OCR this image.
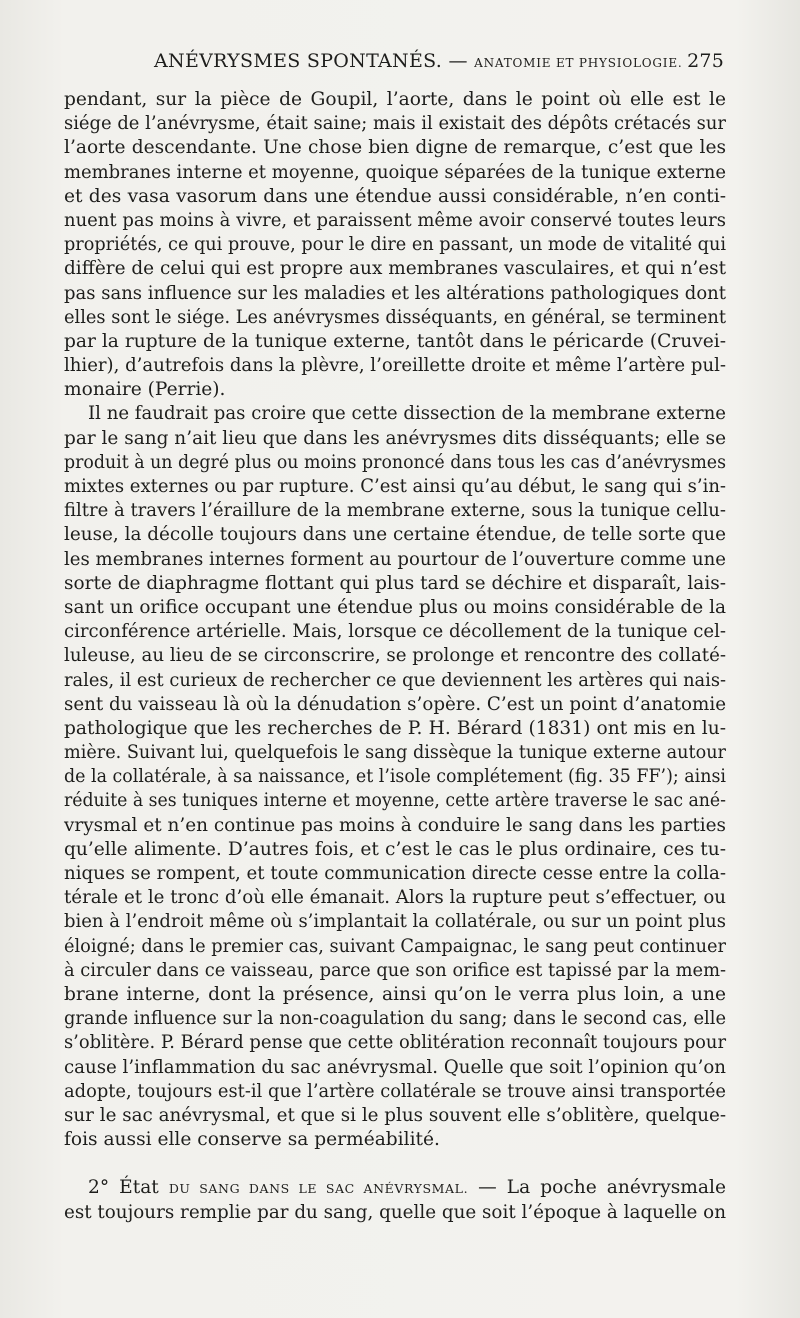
ANÉVRYSMES SPONTANÉS. — ANATOMIE ET PHYSIOLOGIE. 275
pendant, sur la pièce de Goupil, l’aorte, dans le point où elle est le
siége de l’anévrysme, était saine; mais il existait des dépôts crétacés sur
l’aorte descendante. Une chose bien digne de remarque, c’est que les
membranes interne et moyenne, quoique séparées de la tunique externe
et des vasa vasorum dans une étendue aussi considérable, n’en conti-
nuent pas moins à vivre, et paraissent même avoir conservé toutes leurs
propriétés, ce qui prouve, pour le dire en passant, un mode de vitalité qui
diffère de celui qui est propre aux membranes vasculaires, et qui n’est
pas sans influence sur les maladies et les altérations pathologiques dont
elles sont le siége. Les anévrysmes disséquants, en général, se terminent
par la rupture de la tunique externe, tantôt dans le péricarde (Cruvei-
lhier), d’autrefois dans la plèvre, l’oreillette droite et même l’artère pul-
monaire (Perrie).
Il ne faudrait pas croire que cette dissection de la membrane externe
par le sang n’ait lieu que dans les anévrysmes dits disséquants; elle se
produit à un degré plus ou moins prononcé dans tous les cas d’anévrysmes
mixtes externes ou par rupture. C’est ainsi qu’au début, le sang qui s’in-
filtre à travers l’éraillure de la membrane externe, sous la tunique cellu-
leuse, la décolle toujours dans une certaine étendue, de telle sorte que
les membranes internes forment au pourtour de l’ouverture comme une
sorte de diaphragme flottant qui plus tard se déchire et disparaît, lais-
sant un orifice occupant une étendue plus ou moins considérable de la
circonférence artérielle. Mais, lorsque ce décollement de la tunique cel-
luleuse, au lieu de se circonscrire, se prolonge et rencontre des collaté-
rales, il est curieux de rechercher ce que deviennent les artères qui nais-
sent du vaisseau là où la dénudation s’opère. C’est un point d’anatomie
pathologique que les recherches de P. H. Bérard (1831) ont mis en lu-
mière. Suivant lui, quelquefois le sang dissèque la tunique externe autour
de la collatérale, à sa naissance, et l’isole complétement (fig. 35 FF’); ainsi
réduite à ses tuniques interne et moyenne, cette artère traverse le sac ané-
vrysmal et n’en continue pas moins à conduire le sang dans les parties
qu’elle alimente. D’autres fois, et c’est le cas le plus ordinaire, ces tu-
niques se rompent, et toute communication directe cesse entre la colla-
térale et le tronc d’où elle émanait. Alors la rupture peut s’effectuer, ou
bien à l’endroit même où s’implantait la collatérale, ou sur un point plus
éloigné; dans le premier cas, suivant Campaignac, le sang peut continuer
à circuler dans ce vaisseau, parce que son orifice est tapissé par la mem-
brane interne, dont la présence, ainsi qu’on le verra plus loin, a une
grande influence sur la non-coagulation du sang; dans le second cas, elle
s’oblitère. P. Bérard pense que cette oblitération reconnaît toujours pour
cause l’inflammation du sac anévrysmal. Quelle que soit l’opinion qu’on
adopte, toujours est-il que l’artère collatérale se trouve ainsi transportée
sur le sac anévrysmal, et que si le plus souvent elle s’oblitère, quelque-
fois aussi elle conserve sa perméabilité.
2° État DU SANG DANS LE SAC ANÉVRYSMAL. — La poche anévrysmale
est toujours remplie par du sang, quelle que soit l’époque à laquelle on
